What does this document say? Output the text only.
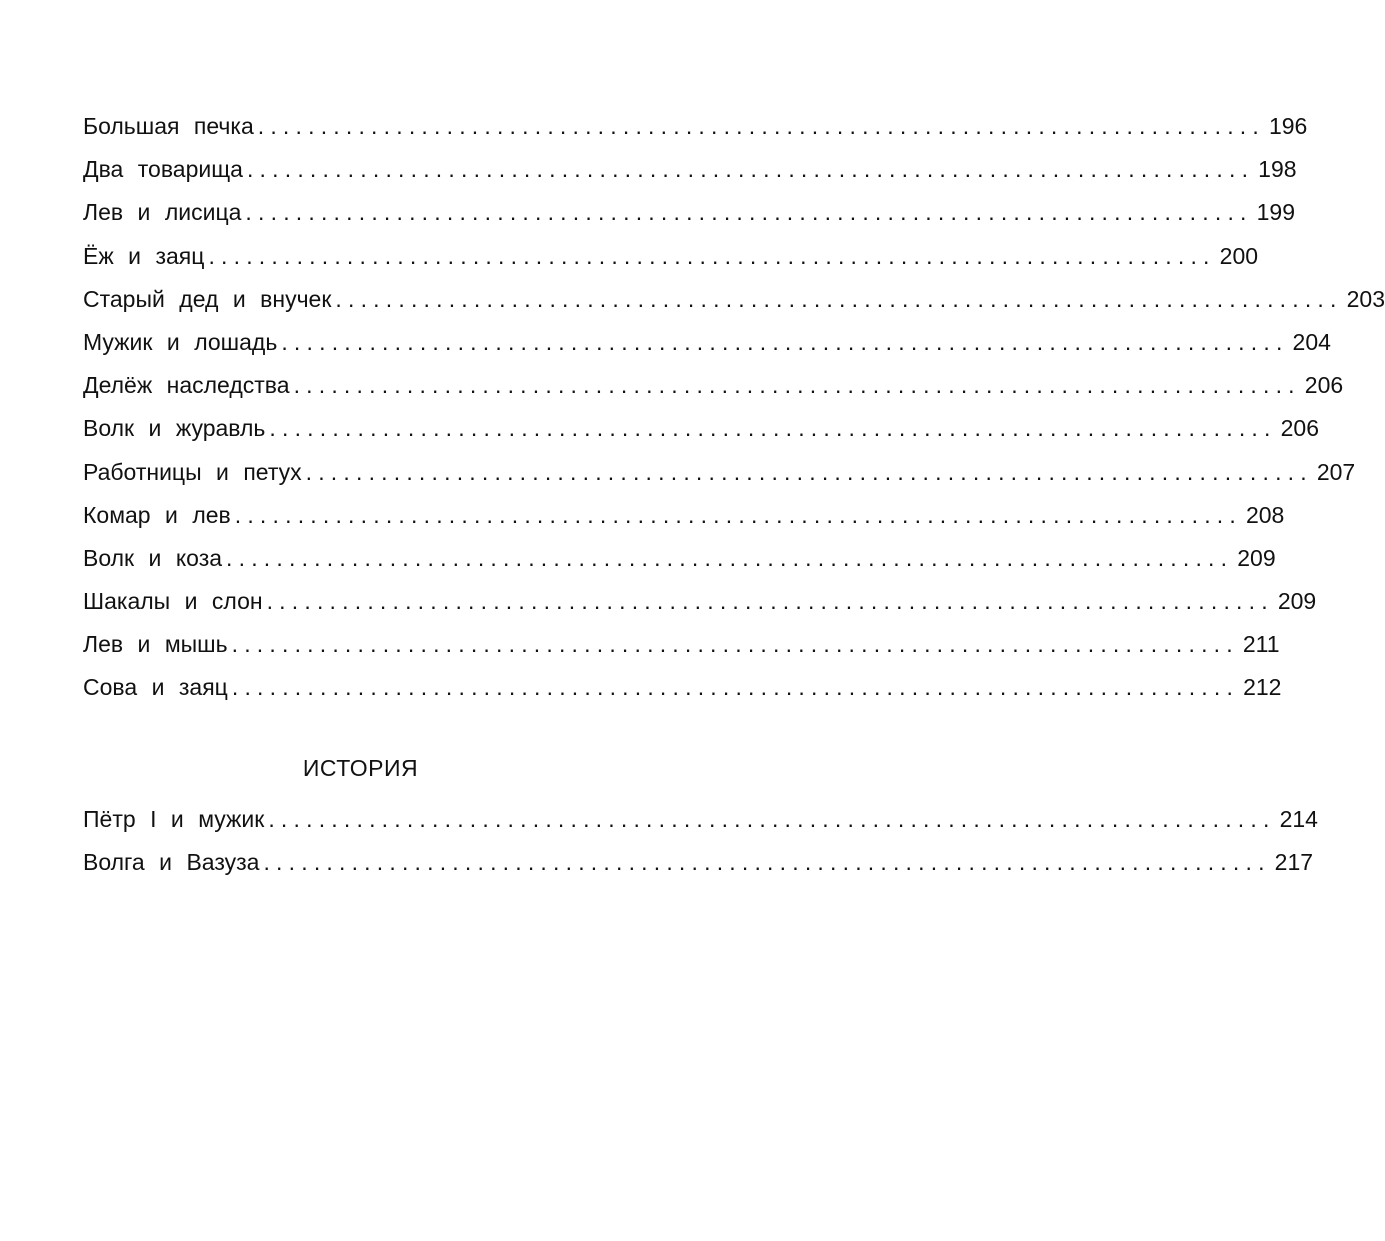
Большая печка ................................................................................ 196
Два товарища ................................................................................ 198
Лев и лисица ................................................................................ 199
Ёж и заяц ................................................................................ 200
Старый дед и внучек ................................................................................ 203
Мужик и лошадь ................................................................................ 204
Делёж наследства ................................................................................ 206
Волк и журавль ................................................................................ 206
Работницы и петух ................................................................................ 207
Комар и лев ................................................................................ 208
Волк и коза ................................................................................ 209
Шакалы и слон ................................................................................ 209
Лев и мышь ................................................................................ 211
Сова и заяц ................................................................................ 212
ИСТОРИЯ
Пётр I и мужик ................................................................................ 214
Волга и Вазуза ................................................................................ 217
